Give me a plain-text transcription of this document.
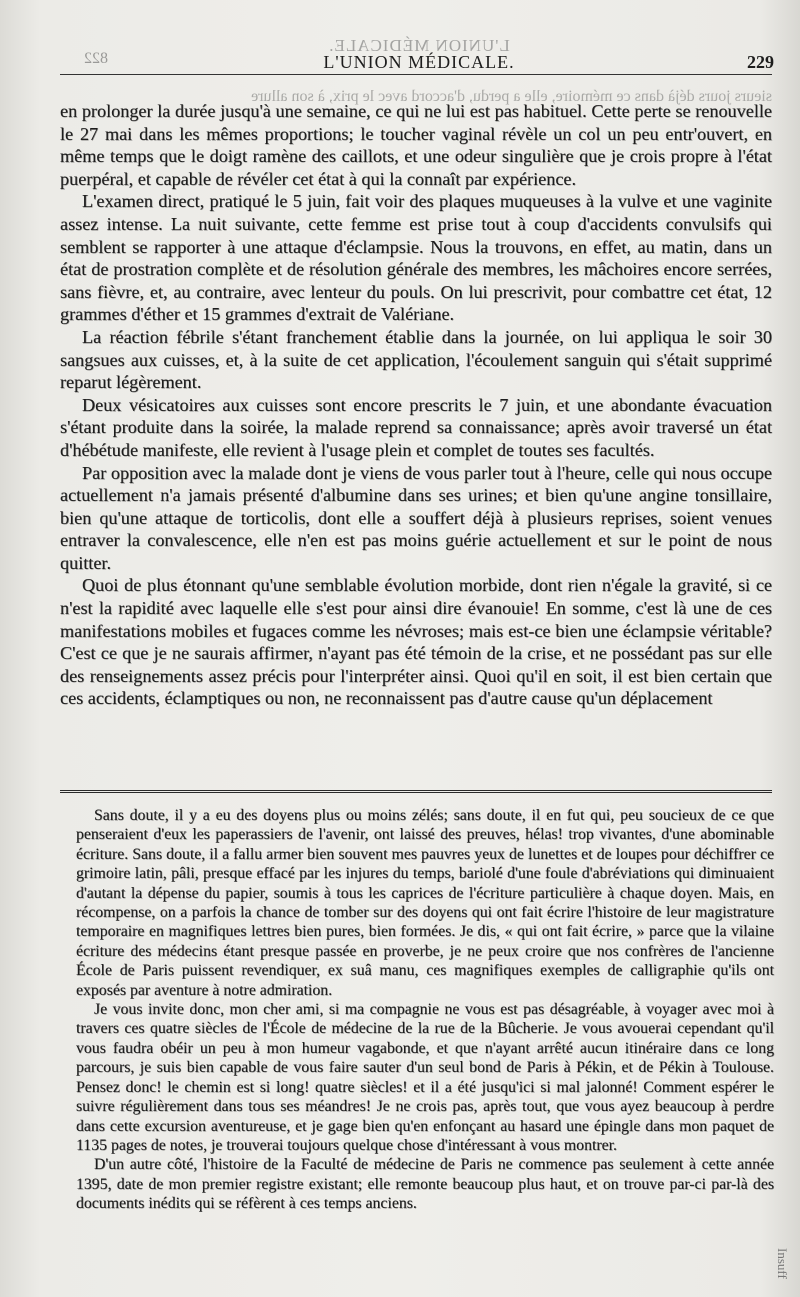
822
L'UNION MÉDICALE.
L'UNION MÉDICALE.	229
sieurs jours déjà dans ce mémoire, elle a perdu, d'accord avec le prix, à son allure

en prolonger la durée jusqu'à une semaine, ce qui ne lui est pas habituel. Cette perte se renouvelle le 27 mai dans les mêmes proportions; le toucher vaginal révèle un col un peu entr'ouvert, en même temps que le doigt ramène des caillots, et une odeur singulière que je crois propre à l'état puerpéral, et capable de révéler cet état à qui la connaît par expérience.

L'examen direct, pratiqué le 5 juin, fait voir des plaques muqueuses à la vulve et une vaginite assez intense. La nuit suivante, cette femme est prise tout à coup d'accidents convulsifs qui semblent se rapporter à une attaque d'éclampsie. Nous la trouvons, en effet, au matin, dans un état de prostration complète et de résolution générale des membres, les mâchoires encore serrées, sans fièvre, et, au contraire, avec lenteur du pouls. On lui prescrivit, pour combattre cet état, 12 grammes d'éther et 15 grammes d'extrait de Valériane.

La réaction fébrile s'étant franchement établie dans la journée, on lui appliqua le soir 30 sangsues aux cuisses, et, à la suite de cet application, l'écoulement sanguin qui s'était supprimé reparut légèrement.

Deux vésicatoires aux cuisses sont encore prescrits le 7 juin, et une abondante évacuation s'étant produite dans la soirée, la malade reprend sa connaissance; après avoir traversé un état d'hébétude manifeste, elle revient à l'usage plein et complet de toutes ses facultés.

Par opposition avec la malade dont je viens de vous parler tout à l'heure, celle qui nous occupe actuellement n'a jamais présenté d'albumine dans ses urines; et bien qu'une angine tonsillaire, bien qu'une attaque de torticolis, dont elle a souffert déjà à plusieurs reprises, soient venues entraver la convalescence, elle n'en est pas moins guérie actuellement et sur le point de nous quitter.

Quoi de plus étonnant qu'une semblable évolution morbide, dont rien n'égale la gravité, si ce n'est la rapidité avec laquelle elle s'est pour ainsi dire évanouie! En somme, c'est là une de ces manifestations mobiles et fugaces comme les névroses; mais est-ce bien une éclampsie véritable? C'est ce que je ne saurais affirmer, n'ayant pas été témoin de la crise, et ne possédant pas sur elle des renseignements assez précis pour l'interpréter ainsi. Quoi qu'il en soit, il est bien certain que ces accidents, éclamptiques ou non, ne reconnaissent pas d'autre cause qu'un déplacement

Sans doute, il y a eu des doyens plus ou moins zélés; sans doute, il en fut qui, peu soucieux de ce que penseraient d'eux les paperassiers de l'avenir, ont laissé des preuves, hélas! trop vivantes, d'une abominable écriture. Sans doute, il a fallu armer bien souvent mes pauvres yeux de lunettes et de loupes pour déchiffrer ce grimoire latin, pâli, presque effacé par les injures du temps, bariolé d'une foule d'abréviations qui diminuaient d'autant la dépense du papier, soumis à tous les caprices de l'écriture particulière à chaque doyen. Mais, en récompense, on a parfois la chance de tomber sur des doyens qui ont fait écrire l'histoire de leur magistrature temporaire en magnifiques lettres bien pures, bien formées. Je dis, « qui ont fait écrire, » parce que la vilaine écriture des médecins étant presque passée en proverbe, je ne peux croire que nos confrères de l'ancienne École de Paris puissent revendiquer, ex suâ manu, ces magnifiques exemples de calligraphie qu'ils ont exposés par aventure à notre admiration.

Je vous invite donc, mon cher ami, si ma compagnie ne vous est pas désagréable, à voyager avec moi à travers ces quatre siècles de l'École de médecine de la rue de la Bûcherie. Je vous avouerai cependant qu'il vous faudra obéir un peu à mon humeur vagabonde, et que n'ayant arrêté aucun itinéraire dans ce long parcours, je suis bien capable de vous faire sauter d'un seul bond de Paris à Pékin, et de Pékin à Toulouse. Pensez donc! le chemin est si long! quatre siècles! et il a été jusqu'ici si mal jalonné! Comment espérer le suivre régulièrement dans tous ses méandres! Je ne crois pas, après tout, que vous ayez beaucoup à perdre dans cette excursion aventureuse, et je gage bien qu'en enfonçant au hasard une épingle dans mon paquet de 1135 pages de notes, je trouverai toujours quelque chose d'intéressant à vous montrer.

D'un autre côté, l'histoire de la Faculté de médecine de Paris ne commence pas seulement à cette année 1395, date de mon premier registre existant; elle remonte beaucoup plus haut, et on trouve par-ci par-là des documents inédits qui se réfèrent à ces temps anciens.

Insuff
